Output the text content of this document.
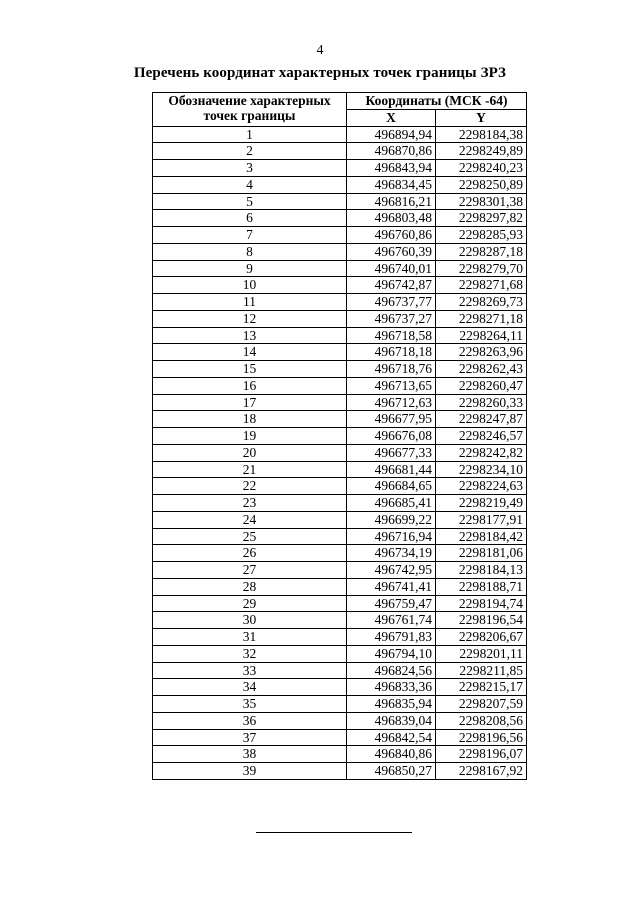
4
Перечень координат характерных точек границы ЗРЗ
Обозначение характерных точек границы	Координаты (МСК -64)	
	X	Y
1	496894,94	2298184,38
2	496870,86	2298249,89
3	496843,94	2298240,23
4	496834,45	2298250,89
5	496816,21	2298301,38
6	496803,48	2298297,82
7	496760,86	2298285,93
8	496760,39	2298287,18
9	496740,01	2298279,70
10	496742,87	2298271,68
11	496737,77	2298269,73
12	496737,27	2298271,18
13	496718,58	2298264,11
14	496718,18	2298263,96
15	496718,76	2298262,43
16	496713,65	2298260,47
17	496712,63	2298260,33
18	496677,95	2298247,87
19	496676,08	2298246,57
20	496677,33	2298242,82
21	496681,44	2298234,10
22	496684,65	2298224,63
23	496685,41	2298219,49
24	496699,22	2298177,91
25	496716,94	2298184,42
26	496734,19	2298181,06
27	496742,95	2298184,13
28	496741,41	2298188,71
29	496759,47	2298194,74
30	496761,74	2298196,54
31	496791,83	2298206,67
32	496794,10	2298201,11
33	496824,56	2298211,85
34	496833,36	2298215,17
35	496835,94	2298207,59
36	496839,04	2298208,56
37	496842,54	2298196,56
38	496840,86	2298196,07
39	496850,27	2298167,92
